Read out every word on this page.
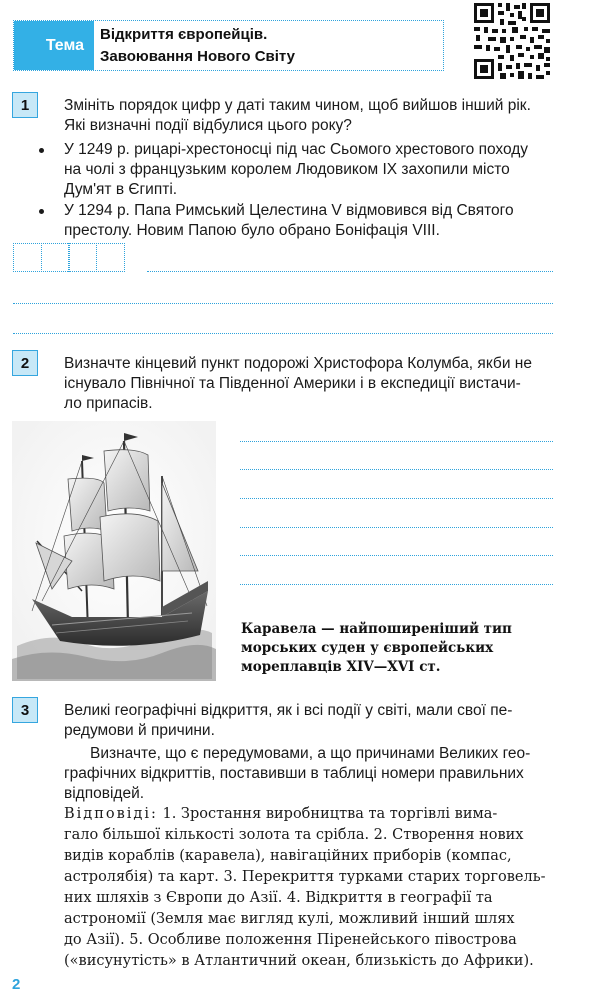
Тема
Відкриття європейців.
Завоювання Нового Світу
1	Змініть порядок цифр у даті таким чином, щоб вийшов інший рік.
Які визначні події відбулися цього року?
У 1249 р. рицарі-хрестоносці під час Сьомого хрестового походу
на чолі з французьким королем Людовиком ІХ захопили місто
Дум'ят в Єгипті.
У 1294 р. Папа Римський Целестина V відмовився від Святого
престолу. Новим Папою було обрано Боніфація VIII.
2	Визначте кінцевий пункт подорожі Христофора Колумба, якби не
існувало Північної та Південної Америки і в експедиції вистачи-
ло припасів.
Каравела — найпоширеніший тип
морських суден у європейських
мореплавців XIV—XVI ст.
3	Великі географічні відкриття, як і всі події у світі, мали свої пе-
редумови й причини.
Визначте, що є передумовами, а що причинами Великих гео-
графічних відкриттів, поставивши в таблиці номери правильних
відповідей.
Відповіді: 1. Зростання виробництва та торгівлі вима-
гало більшої кількості золота та срібла. 2. Створення нових
видів кораблів (каравела), навігаційних приборів (компас,
астролябія) та карт. 3. Перекриття турками старих торговель-
них шляхів з Європи до Азії. 4. Відкриття в географії та
астрономії (Земля має вигляд кулі, можливий інший шлях
до Азії). 5. Особливе положення Піренейського півострова
(«висунутість» в Атлантичний океан, близькість до Африки).
2
